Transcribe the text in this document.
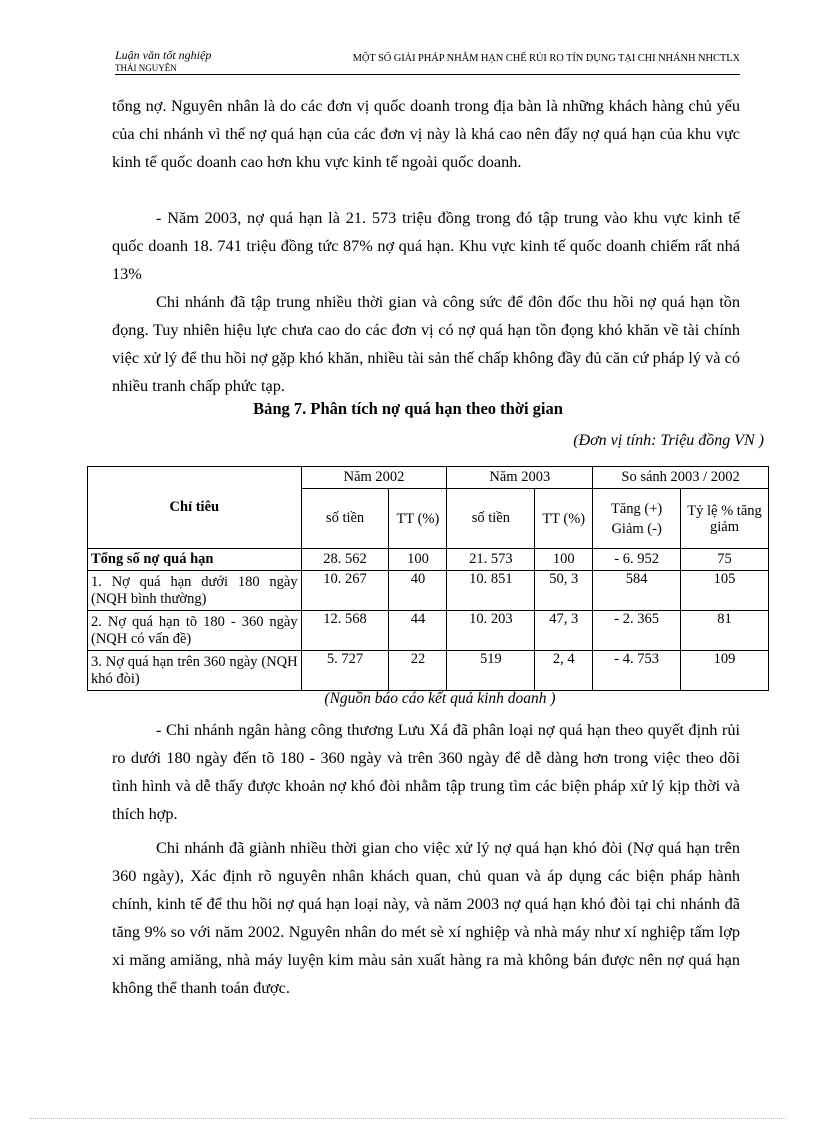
Luận văn tốt nghiệp
THÁI NGUYÊN
MỘT SỐ GIẢI PHÁP NHẰM HẠN CHẾ RỦI RO TÍN DỤNG TẠI CHI NHÁNH NHCTLX

tổng nợ. Nguyên nhân là do các đơn vị quốc doanh trong địa bàn là những khách hàng chủ yếu của chi nhánh vì thế nợ quá hạn của các đơn vị này là khá cao nên đẩy nợ quá hạn của khu vực kinh tế quốc doanh cao hơn khu vực kinh tế ngoài quốc doanh.

- Năm 2003, nợ quá hạn là 21. 573 triệu đồng trong đó tập trung vào khu vực kinh tế quốc doanh 18. 741 triệu đồng tức 87% nợ quá hạn. Khu vực kinh tế quốc doanh chiếm rất nhá 13%

Chi nhánh đã tập trung nhiều thời gian và công sức để đôn đốc thu hồi nợ quá hạn tồn đọng. Tuy nhiên hiệu lực chưa cao do các đơn vị có nợ quá hạn tồn đọng khó khăn về tài chính việc xử lý để thu hồi nợ gặp khó khăn, nhiều tài sản thế chấp không đầy đủ căn cứ pháp lý và có nhiều tranh chấp phức tạp.

Bảng 7. Phân tích nợ quá hạn theo thời gian
(Đơn vị tính: Triệu đồng VN )
Chỉ tiêu	Năm 2002		Năm 2003		So sánh 2003 / 2002	
	số tiền	TT (%)	số tiền	TT (%)	Tăng (+) Giảm (-)	Tỷ lệ % tăng giảm
Tổng số nợ quá hạn	28. 562	100	21. 573	100	- 6. 952	75
1. Nợ quá hạn dưới 180 ngày (NQH bình thường)	10. 267	40	10. 851	50, 3	584	105
2. Nợ quá hạn tõ 180 - 360 ngày (NQH có vấn đề)	12. 568	44	10. 203	47, 3	- 2. 365	81
3. Nợ quá hạn trên 360 ngày (NQH khó đòi)	5. 727	22	519	2, 4	- 4. 753	109
(Nguồn báo cáo kết quả kinh doanh )

- Chi nhánh ngân hàng công thương Lưu Xá đã phân loại nợ quá hạn theo quyết định rủi ro dưới 180 ngày đến tõ 180 - 360 ngày và trên 360 ngày để dễ dàng hơn trong việc theo dõi tình hình và dễ thấy được khoản nợ khó đòi nhằm tập trung tìm các biện pháp xử lý kịp thời và thích hợp.

Chi nhánh đã giành nhiều thời gian cho việc xử lý nợ quá hạn khó đòi (Nợ quá hạn trên 360 ngày), Xác định rõ nguyên nhân khách quan, chủ quan và áp dụng các biện pháp hành chính, kinh tế để thu hồi nợ quá hạn loại này, và năm 2003 nợ quá hạn khó đòi tại chi nhánh đã tăng 9% so với năm 2002. Nguyên nhân do mét sè xí nghiệp và nhà máy như xí nghiệp tấm lợp xi măng amiăng, nhà máy luyện kim màu sản xuất hàng ra mà không bán được nên nợ quá hạn không thể thanh toán được.
